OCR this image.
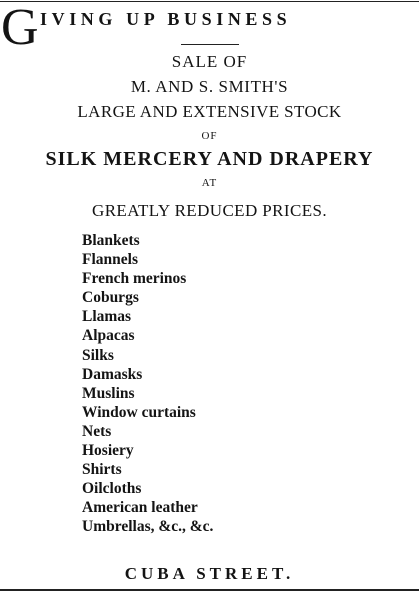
G IVING UP BUSINESS
SALE OF
M. AND S. SMITH'S
LARGE AND EXTENSIVE STOCK
OF
SILK MERCERY AND DRAPERY
AT
GREATLY REDUCED PRICES.
Blankets
Flannels
French merinos
Coburgs
Llamas
Alpacas
Silks
Damasks
Muslins
Window curtains
Nets
Hosiery
Shirts
Oilcloths
American leather
Umbrellas, &c., &c.
CUBA STREET.
